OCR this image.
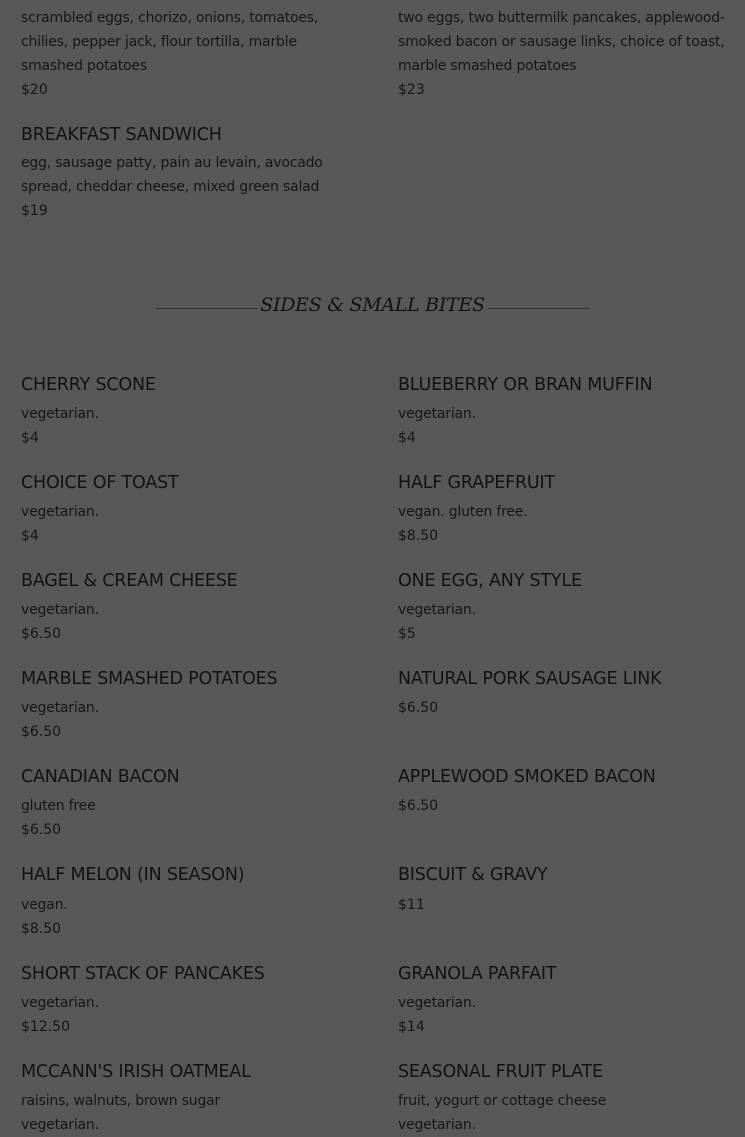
scrambled eggs, chorizo, onions, tomatoes, chilies, pepper jack, flour tortilla, marble smashed potatoes
$20
two eggs, two buttermilk pancakes, applewood-smoked bacon or sausage links, choice of toast, marble smashed potatoes
$23
BREAKFAST SANDWICH
egg, sausage patty, pain au levain, avocado spread, cheddar cheese, mixed green salad
$19
SIDES & SMALL BITES
CHERRY SCONE
vegetarian.
$4
BLUEBERRY OR BRAN MUFFIN
vegetarian.
$4
CHOICE OF TOAST
vegetarian.
$4
HALF GRAPEFRUIT
vegan. gluten free.
$8.50
BAGEL & CREAM CHEESE
vegetarian.
$6.50
ONE EGG, ANY STYLE
vegetarian.
$5
MARBLE SMASHED POTATOES
vegetarian.
$6.50
NATURAL PORK SAUSAGE LINK
$6.50
CANADIAN BACON
gluten free
$6.50
APPLEWOOD SMOKED BACON
$6.50
HALF MELON (IN SEASON)
vegan.
$8.50
BISCUIT & GRAVY
$11
SHORT STACK OF PANCAKES
vegetarian.
$12.50
GRANOLA PARFAIT
vegetarian.
$14
MCCANN'S IRISH OATMEAL
raisins, walnuts, brown sugar
vegetarian.
SEASONAL FRUIT PLATE
fruit, yogurt or cottage cheese
vegetarian.
